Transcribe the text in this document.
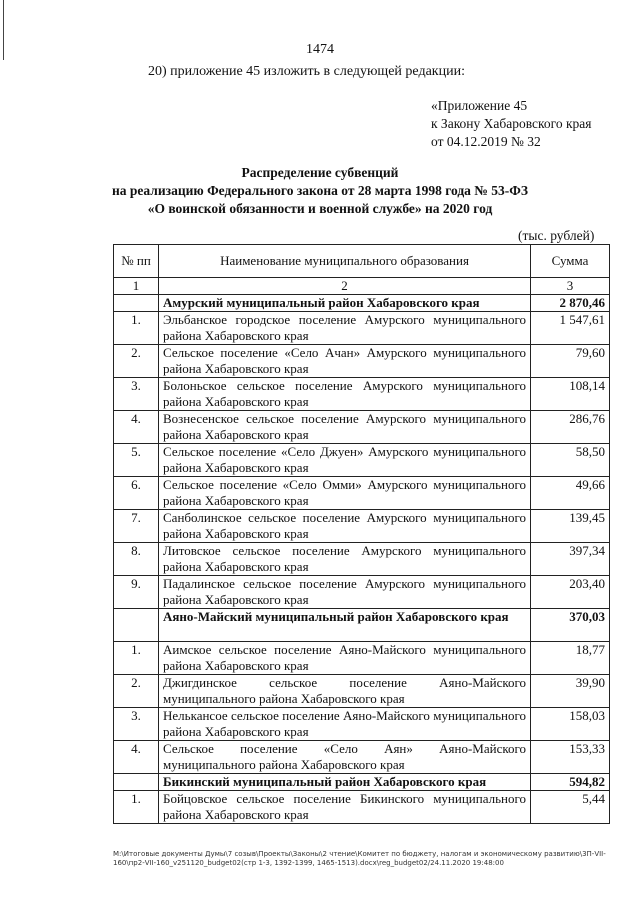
1474
20) приложение 45 изложить в следующей редакции:
«Приложение 45
к Закону Хабаровского края
от 04.12.2019 № 32
Распределение субвенций
на реализацию Федерального закона от 28 марта 1998 года № 53-ФЗ
«О воинской обязанности и военной службе» на 2020 год
(тыс. рублей)
№ пп	Наименование муниципального образования	Сумма
1	2	3
	Амурский муниципальный район Хабаровского края	2 870,46
1.	Эльбанское городское поселение Амурского муниципального района Хабаровского края	1 547,61
2.	Сельское поселение «Село Ачан» Амурского муниципального района Хабаровского края	79,60
3.	Болоньское сельское поселение Амурского муниципального района Хабаровского края	108,14
4.	Вознесенское сельское поселение Амурского муниципального района Хабаровского края	286,76
5.	Сельское поселение «Село Джуен» Амурского муниципального района Хабаровского края	58,50
6.	Сельское поселение «Село Омми» Амурского муниципального района Хабаровского края	49,66
7.	Санболинское сельское поселение Амурского муниципального района Хабаровского края	139,45
8.	Литовское сельское поселение Амурского муниципального района Хабаровского края	397,34
9.	Падалинское сельское поселение Амурского муниципального района Хабаровского края	203,40
	Аяно-Майский муниципальный район Хабаровского края	370,03
1.	Аимское сельское поселение Аяно-Майского муниципального района Хабаровского края	18,77
2.	Джигдинское сельское поселение Аяно-Майского муниципального района Хабаровского края	39,90
3.	Нелькансое сельское поселение Аяно-Майского муниципального района Хабаровского края	158,03
4.	Сельское поселение «Село Аян» Аяно-Майского муниципального района Хабаровского края	153,33
	Бикинский муниципальный район Хабаровского края	594,82
1.	Бойцовское сельское поселение Бикинского муниципального района Хабаровского края	5,44
M:\Итоговые документы Думы\7 созыв\Проекты\Законы\2 чтение\Комитет по бюджету, налогам и экономическому развитию\3П-VII-160\пр2-VII-160_v251120_budget02(стр 1-3, 1392-1399, 1465-1513).docx\reg_budget02/24.11.2020 19:48:00
